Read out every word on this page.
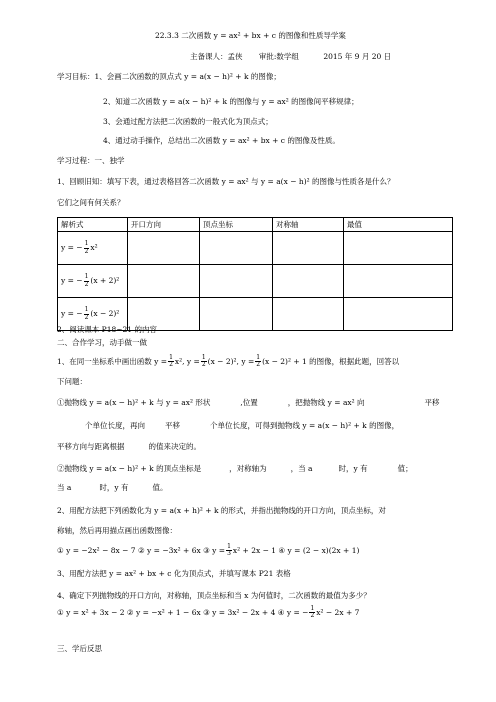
22.3.3 二次函数 y = ax² + bx + c 的图像和性质导学案
主备课人：孟侠 审批:数学组	2015 年 9 月 20 日
学习目标：1、会画二次函数的顶点式 y = a(x − h)² + k 的图像；
2、知道二次函数 y = a(x − h)² + k 的图像与 y = ax² 的图像间平移规律；
3、会通过配方法把二次函数的一般式化为顶点式；
4、通过动手操作，总结出二次函数 y = ax² + bx + c 的图像及性质。
学习过程：一、独学
1、回顾旧知：填写下表，通过表格回答二次函数 y = ax² 与 y = a(x − h)² 的图像与性质各是什么？
它们之间有何关系？
解析式	开口方向	顶点坐标	对称轴	最值
y = − $\frac{1}{2} x^2$				
y = − $\frac{1}{2} (x + 2)^2$				
y = − $\frac{1}{2} (x - 2)^2$				
2、阅读课本 P18~21 的内容
二、合作学习，动手做一做
1、在同一坐标系中画出函数 $y = \frac{1}{2} x^2$, $y = \frac{1}{2} (x - 2)^2$, $y = \frac{1}{2} (x - 2)^2 + 1$ 的图像，根据此题，回答以
下问题：
①抛物线 y = a(x − h)² + k 与 y = ax² 形状	,位置	，把抛物线 y = ax² 向	平移
个单位长度，再向	平移	个单位长度，可得到抛物线 y = a(x − h)² + k 的图像，
平移方向与距离根据	的值来决定的。
②抛物线 y = a(x − h)² + k 的顶点坐标是	，对称轴为	，当 a	时，y 有	值；
当 a	时，y 有	值。
2、用配方法把下列函数化为 y = a(x + h)² + k 的形式，并指出抛物线的开口方向，顶点坐标，对
称轴，然后再用描点画出函数图像：
① y = −2x² − 8x − 7 ② y = −3x² + 6x ③ $y = \frac{1}{3} x^2 + 2x - 1$ ④ y = (2 − x)(2x + 1)
3、用配方法把 y = ax² + bx + c 化为顶点式，并填写课本 P21 表格
4、确定下列抛物线的开口方向，对称轴，顶点坐标和当 x 为何值时，二次函数的最值为多少？
① y = x² + 3x − 2 ② y = −x² + 1 − 6x ③ y = 3x² − 2x + 4 ④ y = − $\frac{1}{2} x^2 - 2x + 7$
三、学后反思
